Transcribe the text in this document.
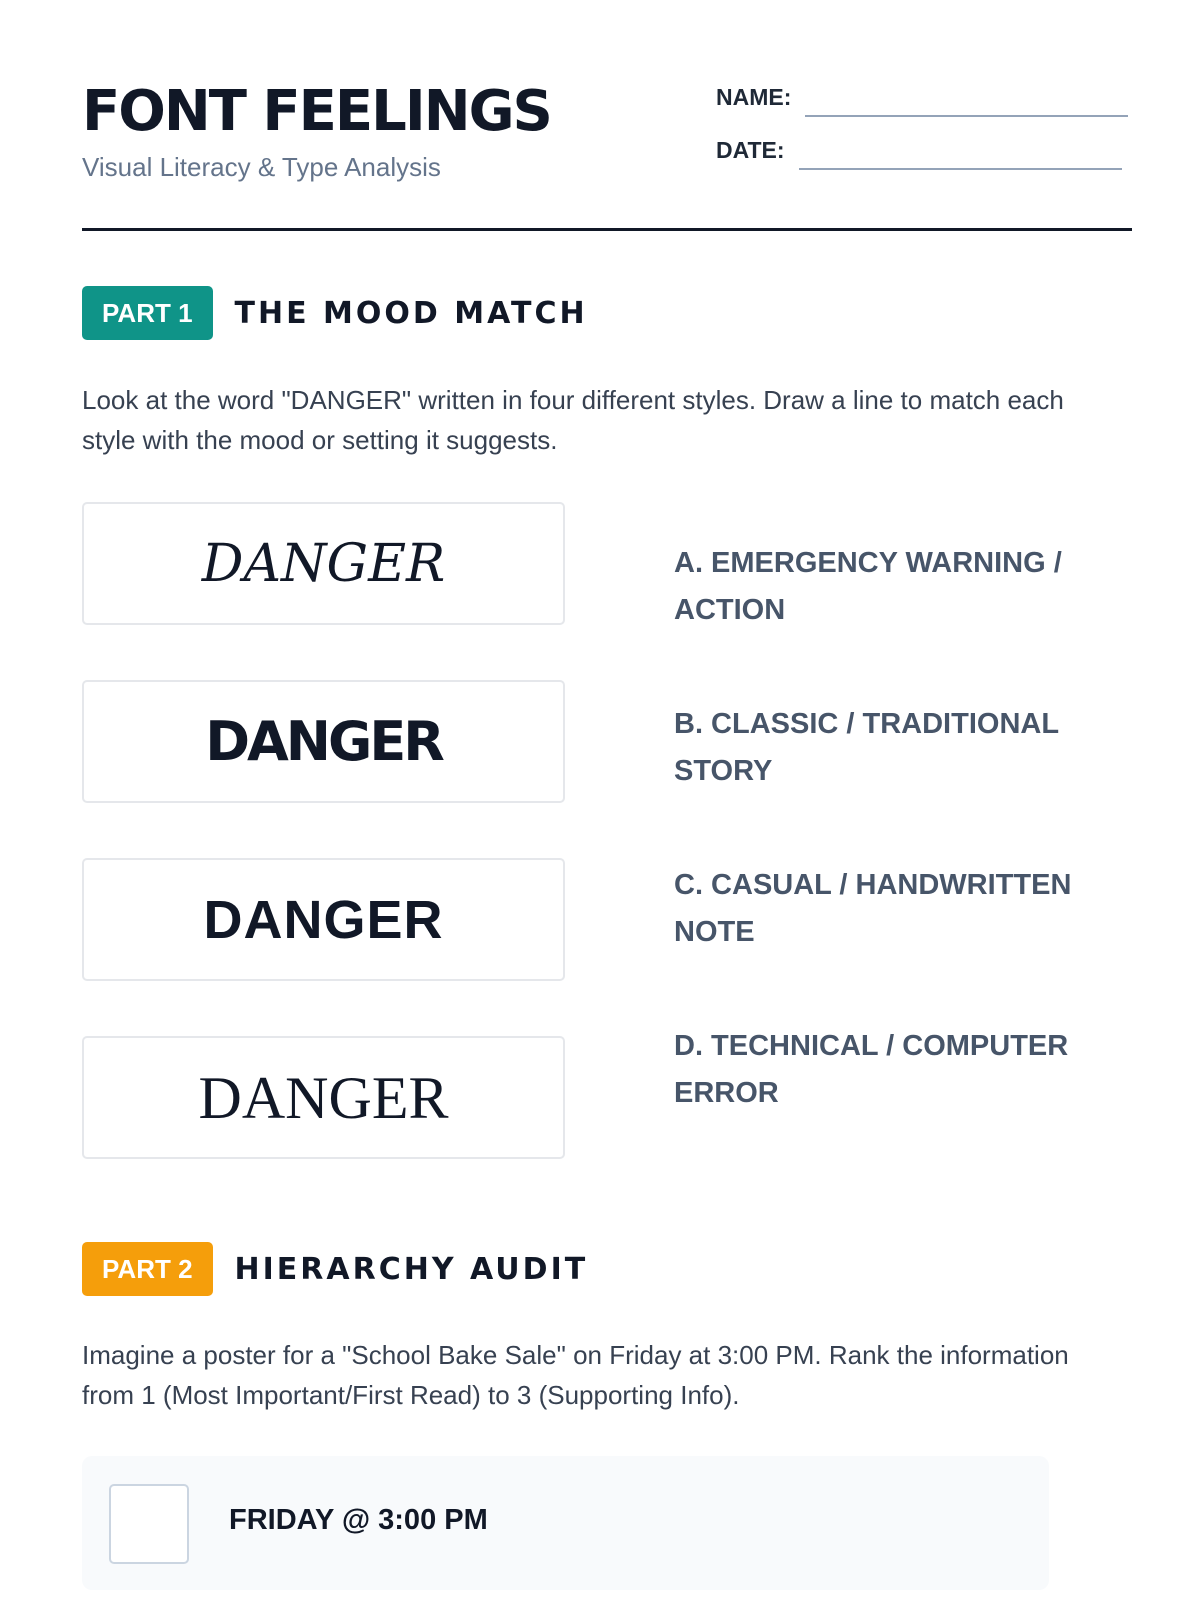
FONT FEELINGS
Visual Literacy & Type Analysis
NAME:
DATE:
PART 1	THE MOOD MATCH

Look at the word "DANGER" written in four different styles. Draw a line to match each style with the mood or setting it suggests.

DANGER
DANGER
DANGER
DANGER
A. EMERGENCY WARNING / ACTION
B. CLASSIC / TRADITIONAL STORY
C. CASUAL / HANDWRITTEN NOTE
D. TECHNICAL / COMPUTER ERROR
PART 2	HIERARCHY AUDIT

Imagine a poster for a "School Bake Sale" on Friday at 3:00 PM. Rank the information from 1 (Most Important/First Read) to 3 (Supporting Info).

FRIDAY @ 3:00 PM
